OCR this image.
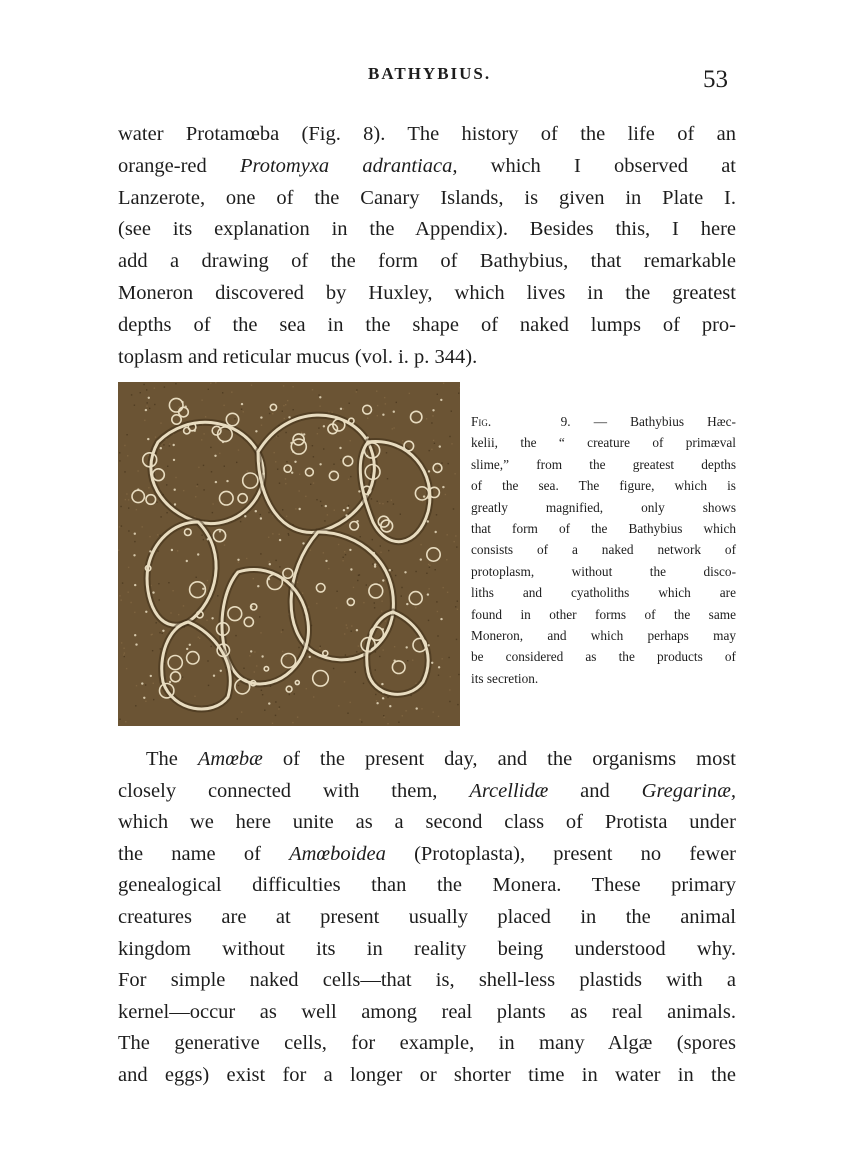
BATHYBIUS.	53
water Protamœba (Fig. 8). The history of the life of an
orange-red Protomyxa adrantiaca, which I observed at
Lanzerote, one of the Canary Islands, is given in Plate I.
(see its explanation in the Appendix). Besides this, I here
add a drawing of the form of Bathybius, that remarkable
Moneron discovered by Huxley, which lives in the greatest
depths of the sea in the shape of naked lumps of pro-
toplasm and reticular mucus (vol. i. p. 344).
Fig.   9. — Bathybius Hæc-
kelii, the “ creature of primæval
slime,” from the greatest depths
of the sea. The figure, which is
greatly magnified, only shows
that form of the Bathybius which
consists of a naked network of
protoplasm, without the disco-
liths and cyatholiths which are
found in other forms of the same
Moneron, and which perhaps may
be considered as the products of
its secretion.
The Amœbæ of the present day, and the organisms most
closely connected with them, Arcellidæ and Gregarinæ,
which we here unite as a second class of Protista under
the name of Amœboidea (Protoplasta), present no fewer
genealogical difficulties than the Monera. These primary
creatures are at present usually placed in the animal
kingdom without its in reality being understood why.
For simple naked cells—that is, shell-less plastids with a
kernel—occur as well among real plants as real animals.
The generative cells, for example, in many Algæ (spores
and eggs) exist for a longer or shorter time in water in the
